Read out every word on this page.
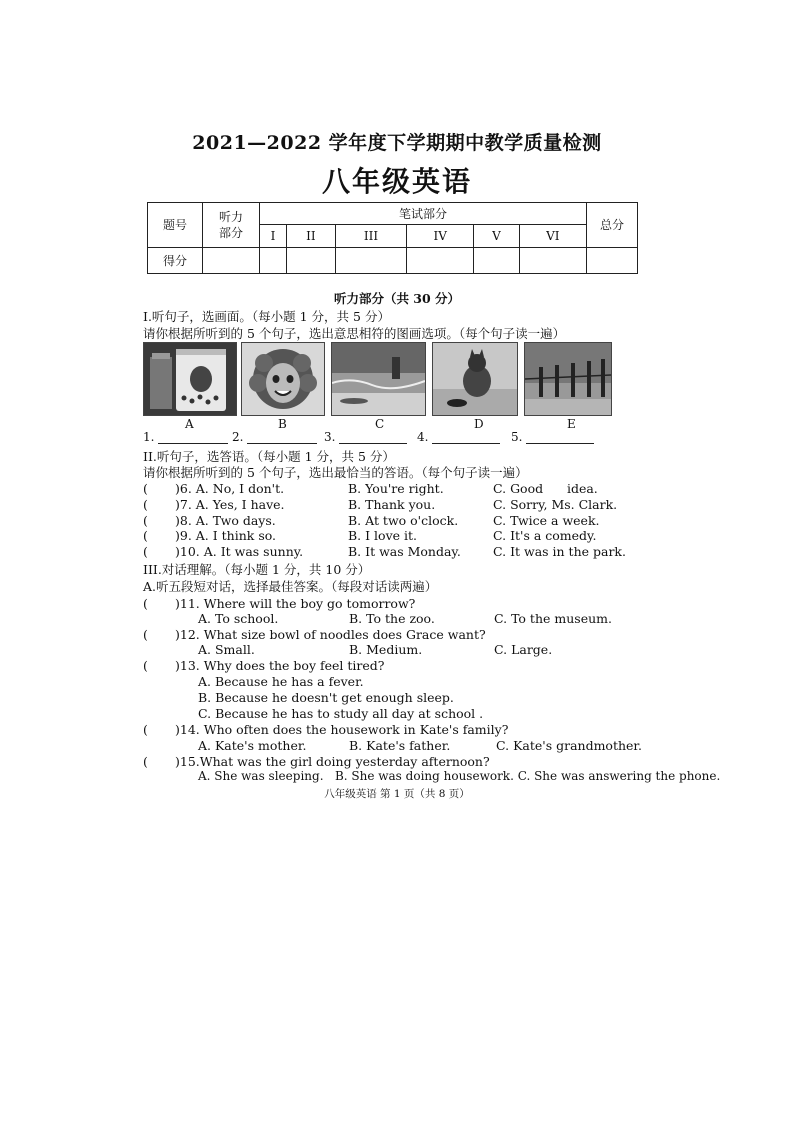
2021—2022 学年度下学期期中教学质量检测
八年级英语
题号	听力部分	笔试部分						总分
		I	II	III	IV	V	VI	
得分								
听力部分（共 30 分）
I.听句子，选画面。（每小题 1 分，共 5 分）
请你根据所听到的 5 个句子，选出意思相符的图画选项。（每个句子读一遍）
A	B	C	D	E
1.	2.	3.	4.	5.
II.听句子，选答语。（每小题 1 分，共 5 分）
请你根据所听到的 5 个句子，选出最恰当的答语。（每个句子读一遍）
( )6. A. No, I don't.	B. You're right.	C. Good      idea.
( )7. A. Yes, I have.	B. Thank you.	C. Sorry, Ms. Clark.
( )8. A. Two days.	B. At two o'clock.	C. Twice a week.
( )9. A. I think so.	B. I love it.	C. It's a comedy.
( )10. A. It was sunny.	B. It was Monday.	C. It was in the park.
III.对话理解。（每小题 1 分，共 10 分）
A.听五段短对话，选择最佳答案。（每段对话读两遍）
( )11. Where will the boy go tomorrow?
A. To school.	B. To the zoo.	C. To the museum.
( )12. What size bowl of noodles does Grace want?
A. Small.	B. Medium.	C. Large.
( )13. Why does the boy feel tired?
A. Because he has a fever.
B. Because he doesn't get enough sleep.
C. Because he has to study all day at school .
( )14. Who often does the housework in Kate's family?
A. Kate's mother.	B. Kate's father.	C. Kate's grandmother.
( )15.What was the girl doing yesterday afternoon?
A. She was sleeping.   B. She was doing housework. C. She was answering the phone.
八年级英语 第 1 页（共 8 页）
